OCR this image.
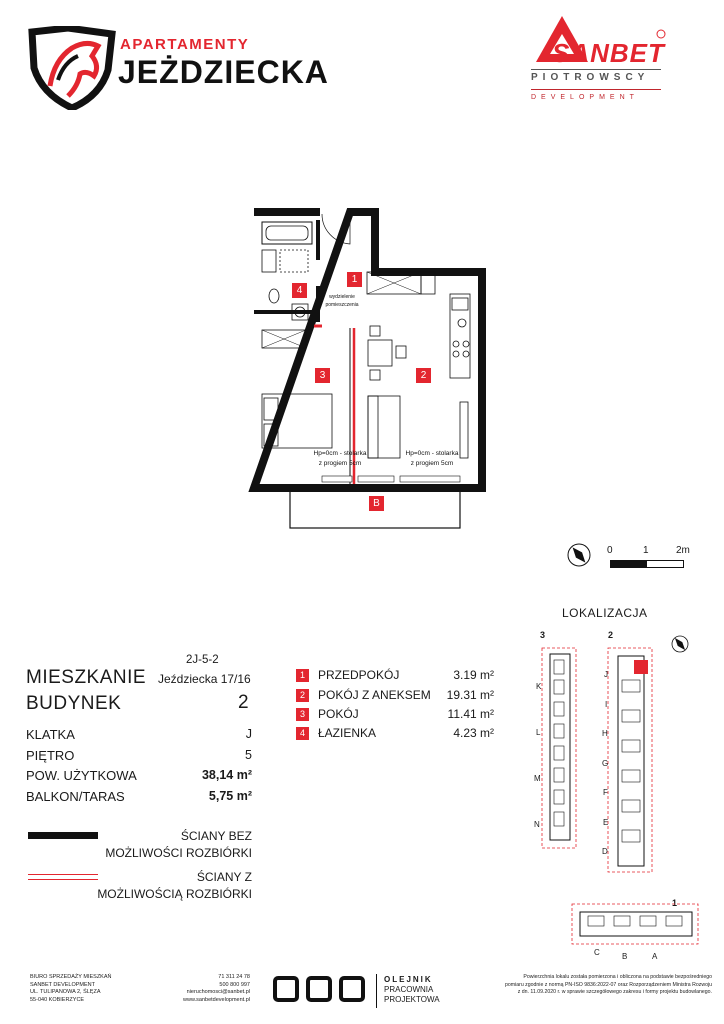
APARTAMENTY
JEŻDZIECKA
SANBET
PIOTROWSCY
DEVELOPMENT
1
2
3
4
B
wydzielenie pomieszczenia
Hp=0cm - stolarka
z progiem 5cm
Hp=0cm - stolarka
z progiem 5cm
0	1	2m
2J-5-2
MIESZKANIE Jeździecka 17/16
BUDYNEK	2
KLATKA	J
PIĘTRO	5
POW. UŻYTKOWA	38,14 m²
BALKON/TARAS	5,75 m²
1	PRZEDPOKÓJ	3.19 m²
2	POKÓJ Z ANEKSEM	19.31 m²
3	POKÓJ	11.41 m²
4	ŁAZIENKA	4.23 m²
ŚCIANY BEZ
MOŻLIWOŚCI ROZBIÓRKI
ŚCIANY Z
MOŻLIWOŚCIĄ ROZBIÓRKI
LOKALIZACJA
3	2
1
K
L
M
N
J
I
H
G
F
E
D
C	B	A
BIURO SPRZEDAŻY MIESZKAŃ
SANBET DEVELOPMENT
UL. TULIPANOWA 2, ŚLĘZA
55-040 KOBIERZYCE
71 311 24 78
500 800 997
nieruchomosci@sanbet.pl
www.sanbetdevelopment.pl
OLEJNIK
PRACOWNIA
PROJEKTOWA
Powierzchnia lokalu została pomierzona i obliczona na podstawie bezpośredniego
pomiaru zgodnie z normą PN-ISO 9836:2022-07 oraz Rozporządzeniem Ministra Rozwoju
z dn. 11.09.2020 r. w sprawie szczegółowego zakresu i formy projektu budowlanego.
